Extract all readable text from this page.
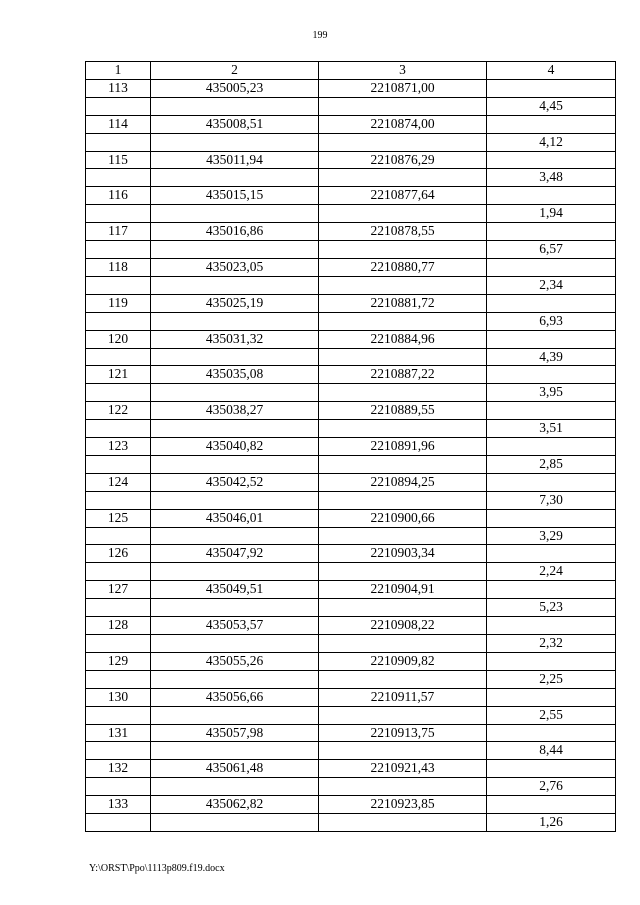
199
1	2	3	4
113	435005,23	2210871,00	
			4,45
114	435008,51	2210874,00	
			4,12
115	435011,94	2210876,29	
			3,48
116	435015,15	2210877,64	
			1,94
117	435016,86	2210878,55	
			6,57
118	435023,05	2210880,77	
			2,34
119	435025,19	2210881,72	
			6,93
120	435031,32	2210884,96	
			4,39
121	435035,08	2210887,22	
			3,95
122	435038,27	2210889,55	
			3,51
123	435040,82	2210891,96	
			2,85
124	435042,52	2210894,25	
			7,30
125	435046,01	2210900,66	
			3,29
126	435047,92	2210903,34	
			2,24
127	435049,51	2210904,91	
			5,23
128	435053,57	2210908,22	
			2,32
129	435055,26	2210909,82	
			2,25
130	435056,66	2210911,57	
			2,55
131	435057,98	2210913,75	
			8,44
132	435061,48	2210921,43	
			2,76
133	435062,82	2210923,85	
			1,26
Y:\ORST\Ppo\1113p809.f19.docx
